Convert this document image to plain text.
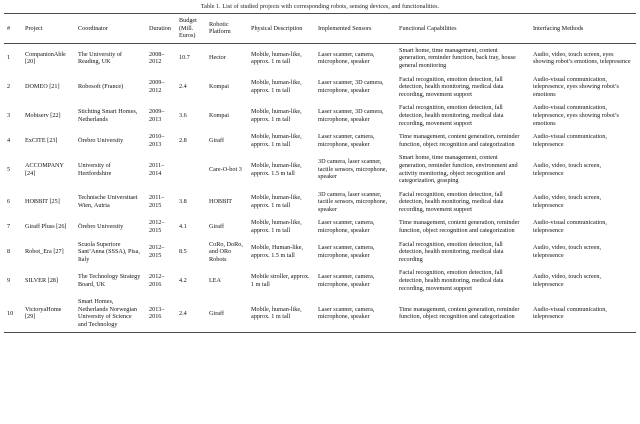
Table 1. List of studied projects with corresponding robots, sensing devices, and functionalities.
#	Project	Coordinator	Duration	Budget (Mill. Euros)	Robotic Platform	Physical Description	Implemented Sensors	Functional Capabilities	Interfacing Methods
1	CompanionAble [20]	The University of Reading, UK	2008–2012	10.7	Hector	Mobile, human-like, approx. 1 m tall	Laser scanner, camera, microphone, speaker	Smart home, time management, content generation, reminder function, back tray, house general monitoring	Audio, video, touch screen, eyes showing robot’s emotions, telepresence
2	DOMEO [21]	Robosoft (France)	2009–2012	2.4	Kompai	Mobile, human-like, approx. 1 m tall	Laser scanner, 3D camera, microphone, speaker	Facial recognition, emotion detection, fall detection, health monitoring, medical data recording, movement support	Audio-visual communication, telepresence, eyes showing robot’s emotions
3	Mobiserv [22]	Stichting Smart Homes, Netherlands	2009–2013	3.6	Kompai	Mobile, human-like, approx. 1 m tall	Laser scanner, 3D camera, microphone, speaker	Facial recognition, emotion detection, fall detection, health monitoring, medical data recording, movement support	Audio-visual communication, telepresence, eyes showing robot’s emotions
4	ExCITE [23]	Örebro University	2010–2013	2.8	Giraff	Mobile, human-like, approx. 1 m tall	Laser scanner, camera, microphone, speaker	Time management, content generation, reminder function, object recognition and categorization	Audio-visual communication, telepresence
5	ACCOMPANY [24]	University of Hertfordshire	2011–2014		Care-O-bot 3	Mobile, human-like, approx. 1.5 m tall	3D camera, laser scanner, tactile sensors, microphone, speaker	Smart home, time management, content generation, reminder function, environment and activity monitoring, object recognition and categorization, grasping	Audio, video, touch screen, telepresence
6	HOBBIT [25]	Technische Universitaet Wien, Autria	2011–2015	3.8	HOBBIT	Mobile, human-like, approx. 1 m tall	3D camera, laser scanner, tactile sensors, microphone, speaker	Facial recognition, emotion detection, fall detection, health monitoring, medical data recording, movement support	Audio, video, touch screen, telepresence
7	Giraff Pluss [26]	Örebro University	2012–2015	4.1	Giraff	Mobile, human-like, approx. 1 m tall	Laser scanner, camera, microphone, speaker	Time management, content generation, reminder function, object recognition and categorization	Audio-visual communication, telepresence
8	Robot_Era [27]	Scuola Superiore Sant’Anna (SSSA), Pisa, Italy	2012–2015	8.5	CoRo, DoRo, and ORo Robots	Mobile, Human-like, approx. 1.5 m tall	Laser scanner, camera, microphone, speaker	Facial recognition, emotion detection, fall detection, health monitoring, medical data recording	Audio, video, touch screen, telepresence
9	SILVER [28]	The Technology Strategy Board, UK	2012–2016	4.2	LEA	Mobile stroller, approx. 1 m tall	Laser scanner, camera, microphone, speaker	Facial recognition, emotion detection, fall detection, health monitoring, medical data recording, movement support	Audio, video, touch screen, telepresence
10	VictoryaHome [29]	Smart Homes, Netherlands Norwegian University of Science and Technology	2013–2016	2.4	Giraff	Mobile, human-like, approx. 1 m tall	Laser scanner, camera, microphone, speaker	Time management, content generation, reminder function, object recognition and categorization	Audio-visual communication, telepresence
